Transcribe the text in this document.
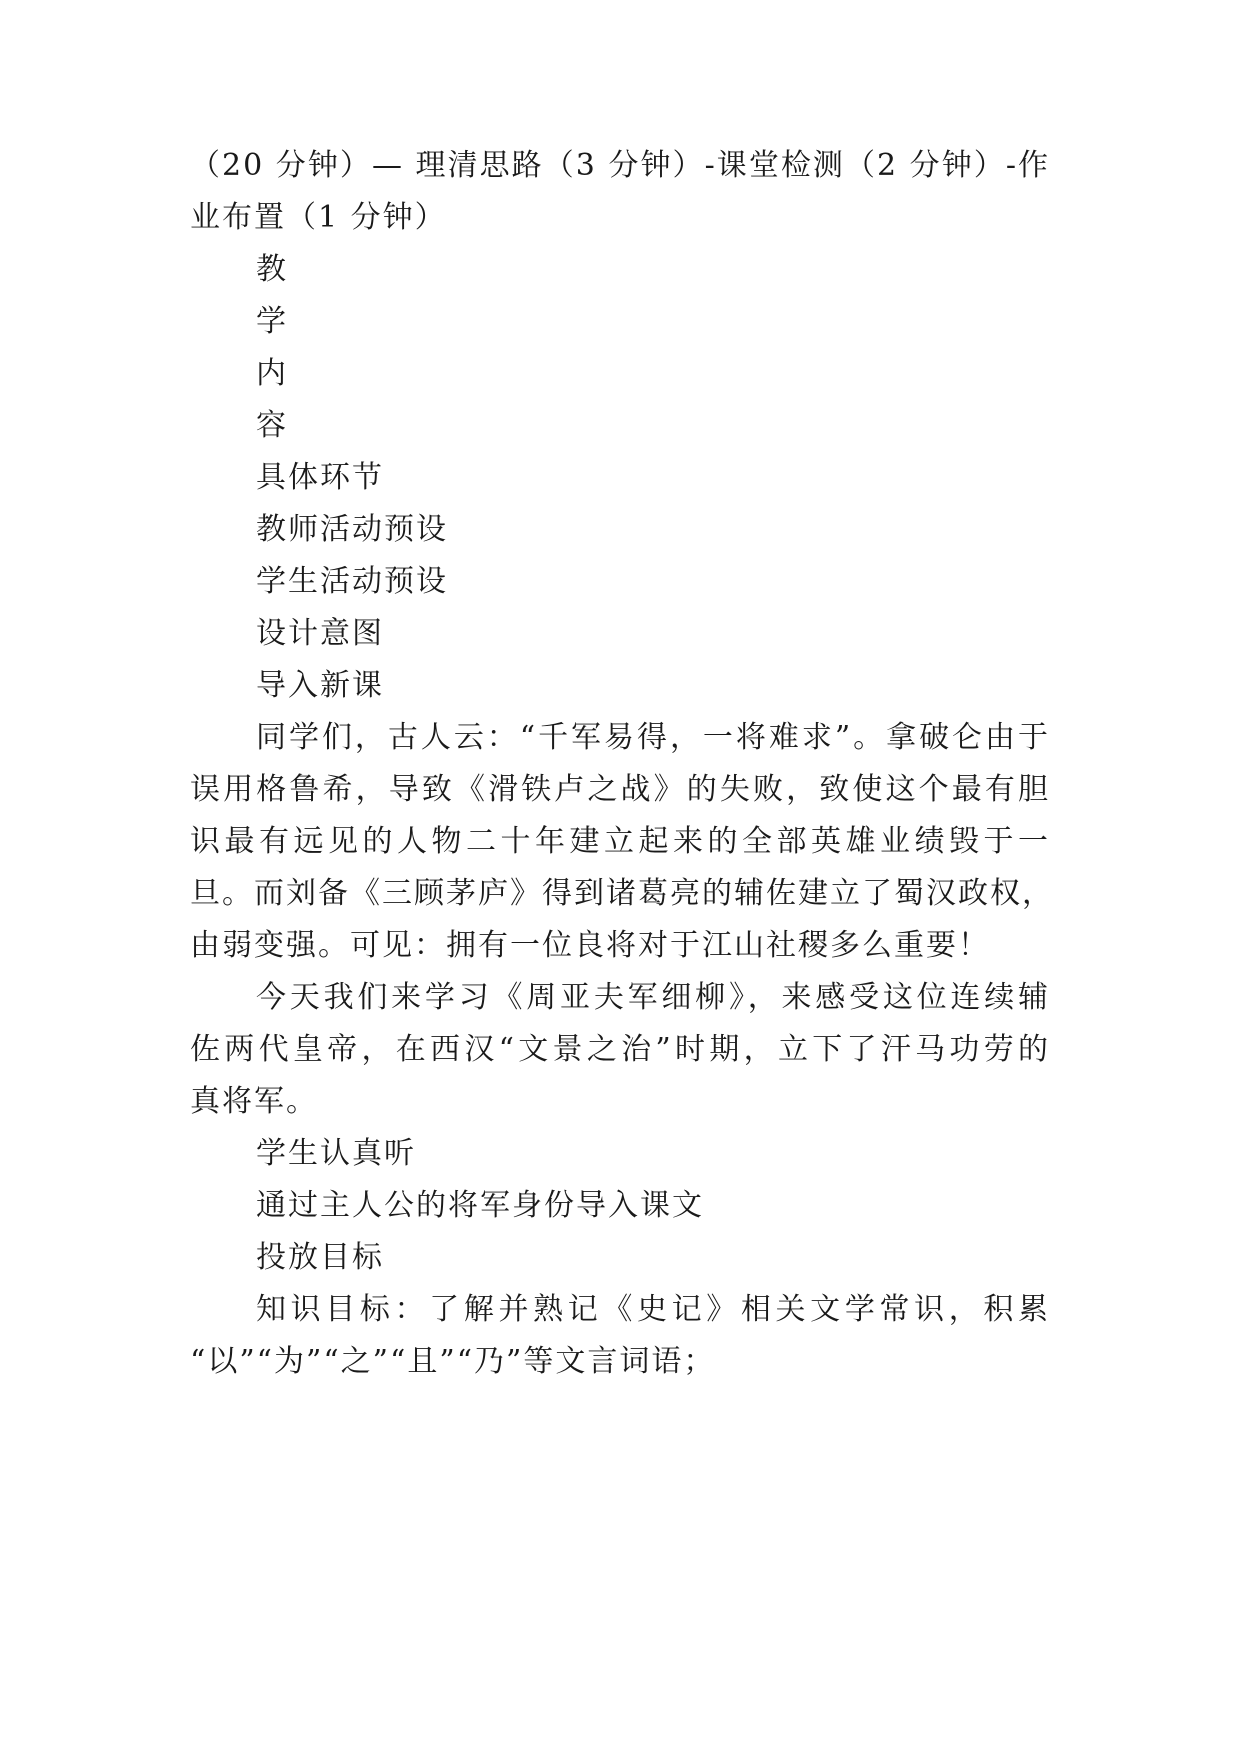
（20 分钟）— 理清思路（3 分钟）-课堂检测（2 分钟）-作
业布置（1 分钟）
教
学
内
容
具体环节
教师活动预设
学生活动预设
设计意图
导入新课
同学们，古人云：“千军易得，一将难求”。拿破仑由于
误用格鲁希，导致《滑铁卢之战》的失败，致使这个最有胆
识最有远见的人物二十年建立起来的全部英雄业绩毁于一
旦。而刘备《三顾茅庐》得到诸葛亮的辅佐建立了蜀汉政权，
由弱变强。可见：拥有一位良将对于江山社稷多么重要！
今天我们来学习《周亚夫军细柳》，来感受这位连续辅
佐两代皇帝，在西汉“文景之治”时期，立下了汗马功劳的
真将军。
学生认真听
通过主人公的将军身份导入课文
投放目标
知识目标：了解并熟记《史记》相关文学常识，积累
“以”“为”“之”“且”“乃”等文言词语；
